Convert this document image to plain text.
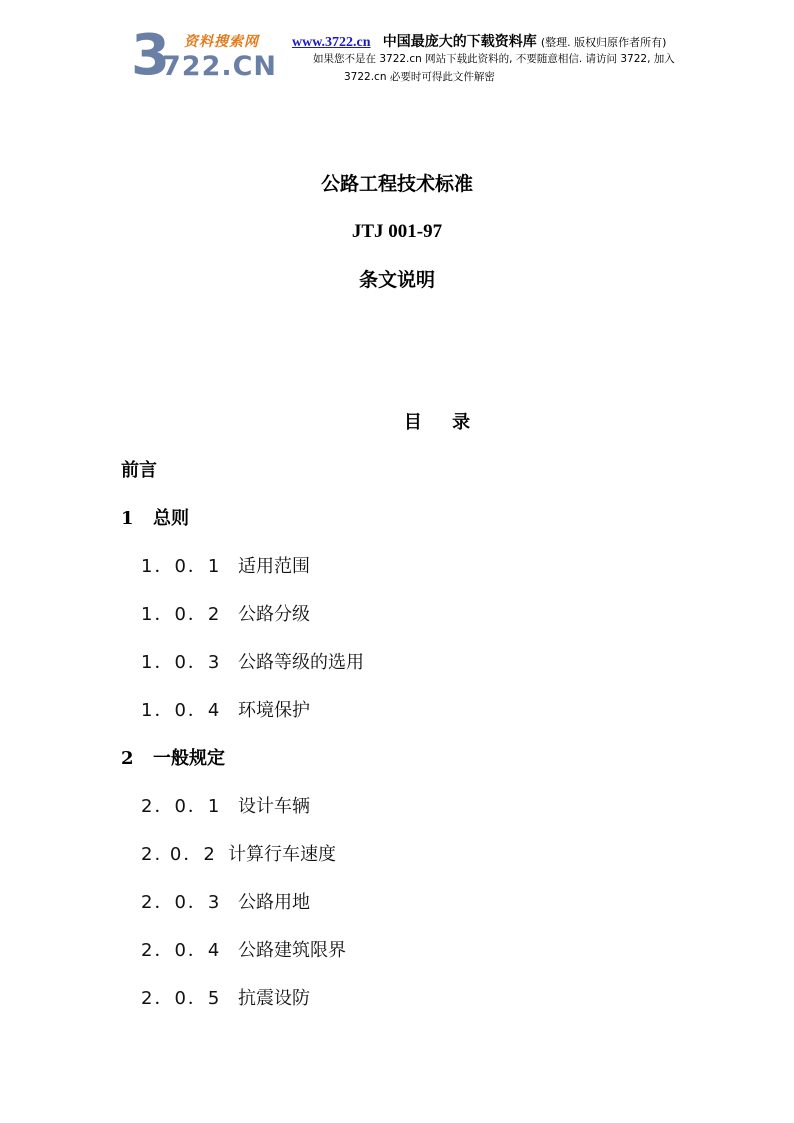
3
722.CN
资料搜索网 www.3722.cn 中国最庞大的下载资料库 (整理. 版权归原作者所有)
如果您不是在 3722.cn 网站下载此资料的, 不要随意相信. 请访问 3722, 加入
3722.cn 必要时可得此文件解密
公路工程技术标准
JTJ 001-97
条文说明
目 录
前言
1 总则
1．0．1 适用范围
1．0．2 公路分级
1．0．3 公路等级的选用
1．0．4 环境保护
2 一般规定
2．0．1 设计车辆
2. 0．2 计算行车速度
2．0．3 公路用地
2．0．4 公路建筑限界
2．0．5 抗震设防
